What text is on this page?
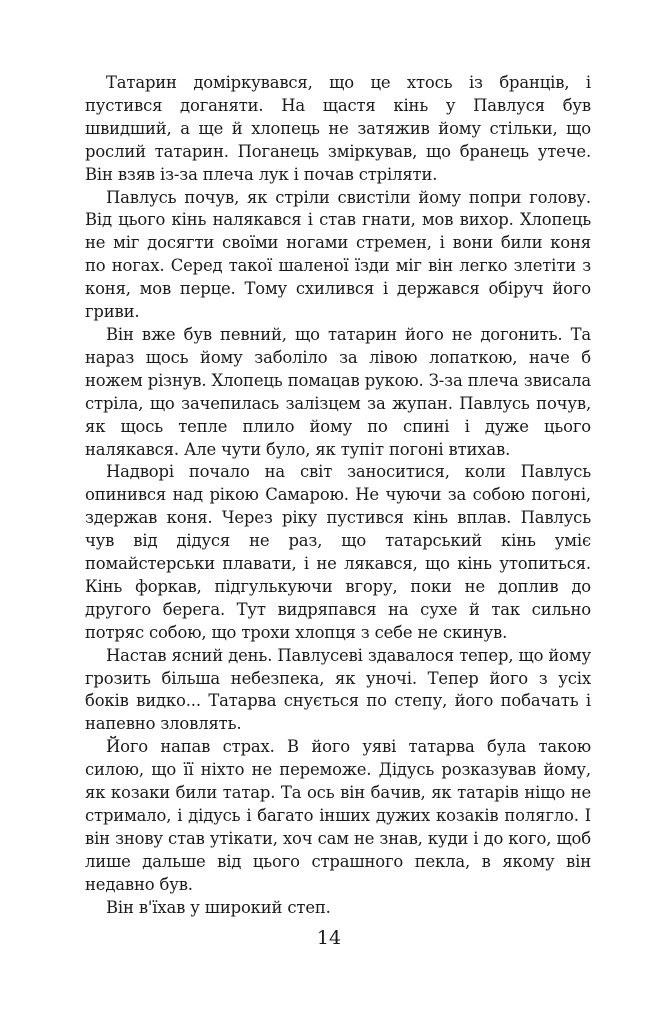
Татарин доміркувався, що це хтось із бранців, і пустився доганяти. На щастя кінь у Павлуся був швидший, а ще й хлопець не затяжив йому стільки, що рослий татарин. Поганець зміркував, що бранець утече. Він взяв із-за плеча лук і почав стріляти.

Павлусь почув, як стріли свистіли йому попри голову. Від цього кінь налякався і став гнати, мов вихор. Хлопець не міг досягти своїми ногами стремен, і вони били коня по ногах. Серед такої шаленої їзди міг він легко злетіти з коня, мов перце. Тому схилився і держався обіруч його гриви.

Він вже був певний, що татарин його не догонить. Та нараз щось йому заболіло за лівою лопаткою, наче б ножем різнув. Хлопець помацав рукою. З-за плеча звисала стріла, що зачепилась залізцем за жупан. Павлусь почув, як щось тепле плило йому по спині і дуже цього налякався. Але чути було, як тупіт погоні втихав.

Надворі почало на світ заноситися, коли Павлусь опинився над рікою Самарою. Не чуючи за собою погоні, здержав коня. Через ріку пустився кінь вплав. Павлусь чув від дідуся не раз, що татарський кінь уміє помайстерськи плавати, і не лякався, що кінь утопиться. Кінь форкав, підгулькуючи вгору, поки не доплив до другого берега. Тут видряпався на сухе й так сильно потряс собою, що трохи хлопця з себе не скинув.

Настав ясний день. Павлусеві здавалося тепер, що йому грозить більша небезпека, як уночі. Тепер його з усіх боків видко... Татарва снується по степу, його побачать і напевно зловлять.

Його напав страх. В його уяві татарва була такою силою, що її ніхто не переможе. Дідусь розказував йому, як козаки били татар. Та ось він бачив, як татарів ніщо не стримало, і дідусь і багато інших дужих козаків полягло. І він знову став утікати, хоч сам не знав, куди і до кого, щоб лише дальше від цього страшного пекла, в якому він недавно був.

Він в'їхав у широкий степ.

14
